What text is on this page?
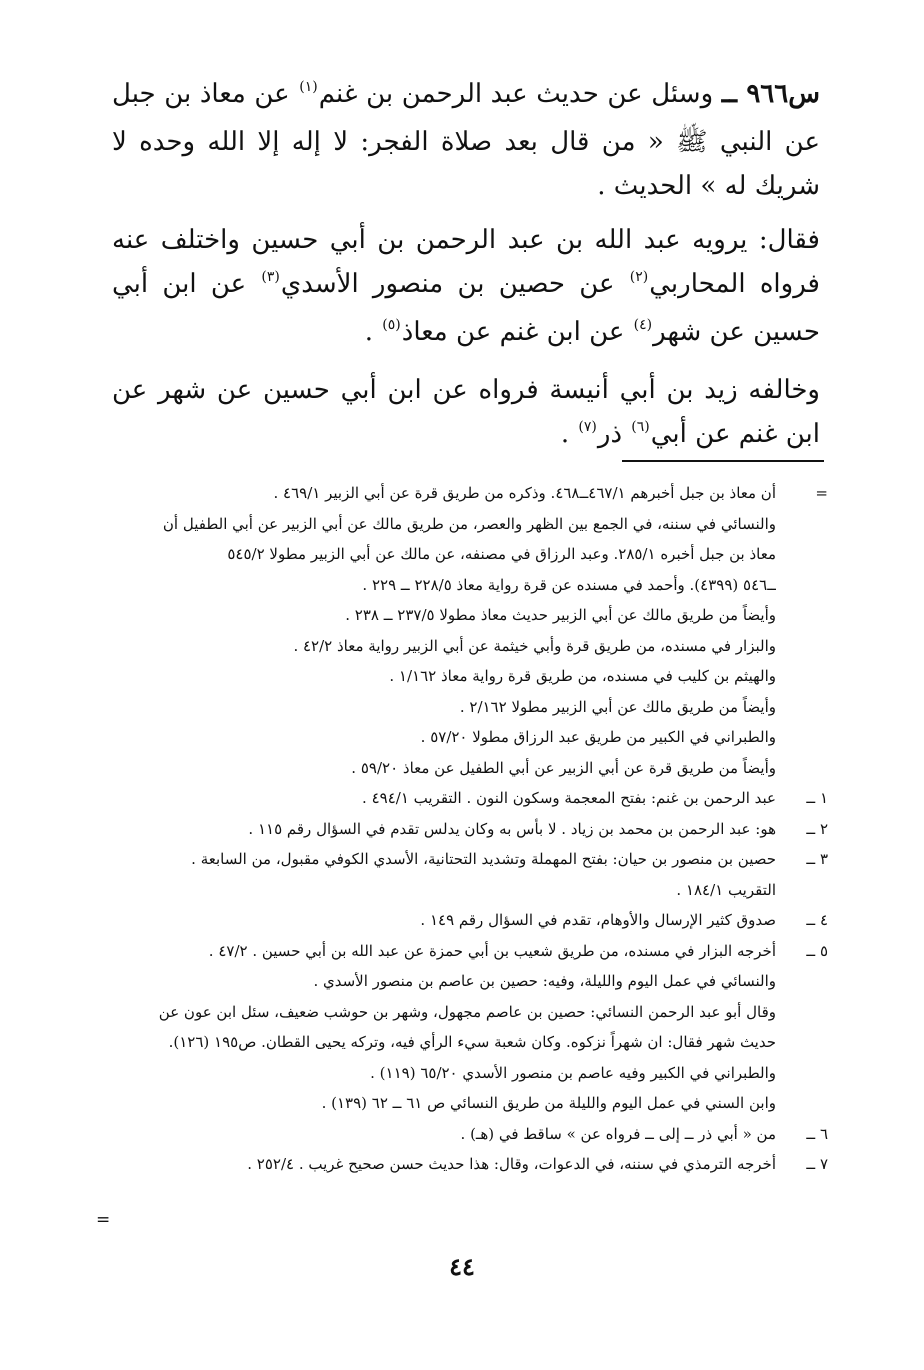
س٩٦٦ ــ وسئل عن حديث عبد الرحمن بن غنم$^{(١)}$ عن معاذ بن جبل عن النبي ﷺ « من قال بعد صلاة الفجر: لا إله إلا الله وحده لا شريك له » الحديث .

فقال: يرويه عبد الله بن عبد الرحمن بن أبي حسين واختلف عنه فرواه المحاربي$^{(٢)}$ عن حصين بن منصور الأسدي$^{(٣)}$ عن ابن أبي حسين عن شهر$^{(٤)}$ عن ابن غنم عن معاذ$^{(٥)}$ .

وخالفه زيد بن أبي أنيسة فرواه عن ابن أبي حسين عن شهر عن ابن غنم عن أبي$^{(٦)}$ ذر$^{(٧)}$ .

=
أن معاذ بن جبل أخبرهم ٤٦٧/١ــ٤٦٨. وذكره من طريق قرة عن أبي الزبير ٤٦٩/١ .
والنسائي في سننه، في الجمع بين الظهر والعصر، من طريق مالك عن أبي الزبير عن أبي الطفيل أن
معاذ بن جبل أخبره ٢٨٥/١. وعبد الرزاق في مصنفه، عن مالك عن أبي الزبير مطولا ٥٤٥/٢
ــ٥٤٦ (٤٣٩٩). وأحمد في مسنده عن قرة رواية معاذ ٢٢٨/٥ ــ ٢٢٩ .
وأيضاً من طريق مالك عن أبي الزبير حديث معاذ مطولا ٢٣٧/٥ ــ ٢٣٨ .
والبزار في مسنده، من طريق قرة وأبي خيثمة عن أبي الزبير رواية معاذ ٤٢/٢ .
والهيثم بن كليب في مسنده، من طريق قرة رواية معاذ ١/١٦٢ .
وأيضاً من طريق مالك عن أبي الزبير مطولا ٢/١٦٢ .
والطبراني في الكبير من طريق عبد الرزاق مطولا ٥٧/٢٠ .
وأيضاً من طريق قرة عن أبي الزبير عن أبي الطفيل عن معاذ ٥٩/٢٠ .
١ ــ
عبد الرحمن بن غنم: بفتح المعجمة وسكون النون . التقريب ٤٩٤/١ .
٢ ــ
هو: عبد الرحمن بن محمد بن زياد . لا بأس به وكان يدلس تقدم في السؤال رقم ١١٥ .
٣ ــ
حصين بن منصور بن حيان: بفتح المهملة وتشديد التحتانية، الأسدي الكوفي مقبول، من السابعة .
التقريب ١٨٤/١ .
٤ ــ
صدوق كثير الإرسال والأوهام، تقدم في السؤال رقم ١٤٩ .
٥ ــ
أخرجه البزار في مسنده، من طريق شعيب بن أبي حمزة عن عبد الله بن أبي حسين . ٤٧/٢ .
والنسائي في عمل اليوم والليلة، وفيه: حصين بن عاصم بن منصور الأسدي .
وقال أبو عبد الرحمن النسائي: حصين بن عاصم مجهول، وشهر بن حوشب ضعيف، سئل ابن عون عن
حديث شهر فقال: ان شهراً نزكوه. وكان شعبة سيء الرأي فيه، وتركه يحيى القطان. ص١٩٥ (١٢٦).
والطبراني في الكبير وفيه عاصم بن منصور الأسدي ٦٥/٢٠ (١١٩) .
وابن السني في عمل اليوم والليلة من طريق النسائي ص ٦١ ــ ٦٢ (١٣٩) .
٦ ــ
من « أبي ذر ــ إلى ــ فرواه عن » ساقط في (هـ) .
٧ ــ
أخرجه الترمذي في سننه، في الدعوات، وقال: هذا حديث حسن صحيح غريب . ٢٥٢/٤ .
=
٤٤
